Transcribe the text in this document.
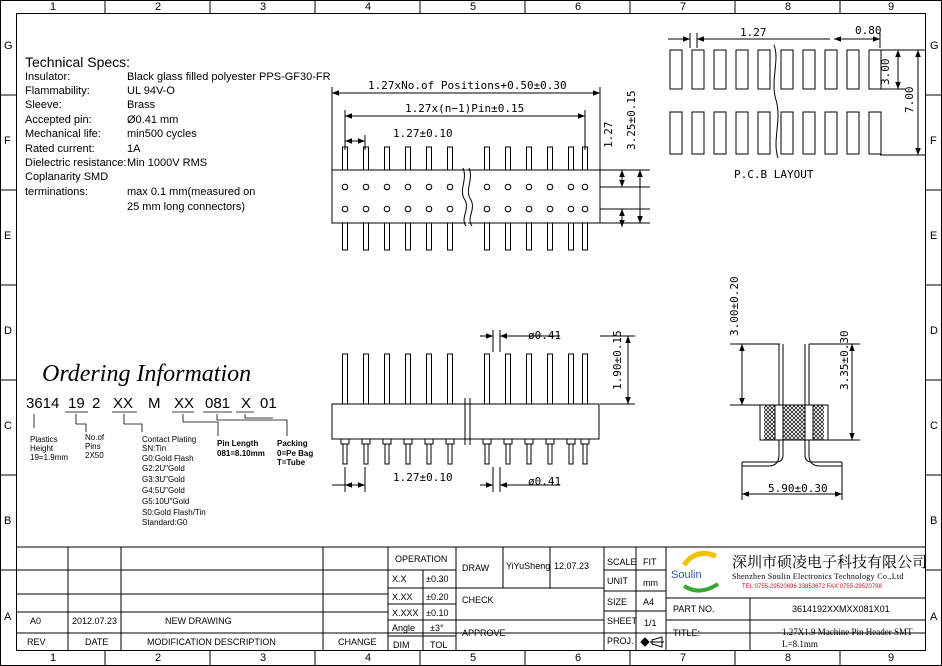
1	2	3	4	5	6	7	8	9
1	2	3	4	5	6	7	8	9
G
F
E
D
C
B
A
G
F
E
D
C
B
A
Technical Specs:
Insulator:	Black glass filled polyester PPS-GF30-FR
Flammability:	UL 94V-O
Sleeve:	Brass
Accepted pin:	Ø0.41 mm
Mechanical life: min500 cycles
Rated current:	1A
Dielectric resistance: Min 1000V RMS
Coplanarity SMD
terminations:	max 0.1 mm(measured on
25 mm long connectors)
1.27xNo.of Positions+0.50±0.30
1.27x(n−1)Pin±0.15
1.27±0.10	1.27 3.25±0.15
1.27	0.80
3.00
7.00
P.C.B LAYOUT
ø0.41	1.90±0.15
1.27±0.10	ø0.41
3.00±0.20
3.35±0.30
5.90±0.30
Ordering Information
3614 19 2 XX M XX 081 X 01
Plastics
Height
19=1.9mm
No.of
Pins
2X50
Contact Plating
SN:Tin
G0:Gold Flash
G2:2U"Gold
G3:3U"Gold
G4:5U"Gold
G5:10U"Gold
S0:Gold Flash/Tin
Standard:G0
Pin Length
081=8.10mm
Packing
0=Pe Bag
T=Tube
REV	DATE	MODIFICATION DESCRIPTION	CHANGE
A0	2012.07.23	NEW DRAWING
OPERATION
X.X ±0.30
X.XX ±0.20
X.XXX ±0.10
Angle ±3°
DIM TOL
DRAW
CHECK
APPROVE
YiYuSheng 12.07.23 SCALE FIT
UNIT mm
SIZE A4
SHEET 1/1
PROJ.
Soulin
深圳市硕凌电子科技有限公司
Shenzhen Soulin Electronics Technology Co.,Ltd
TEL:0755-29520696 33853672 FAX:0755-29520798
PART NO.	3614192XXMXX081X01
TITLE:	1.27X1.9 Machine Pin Header SMT
L=8.1mm
